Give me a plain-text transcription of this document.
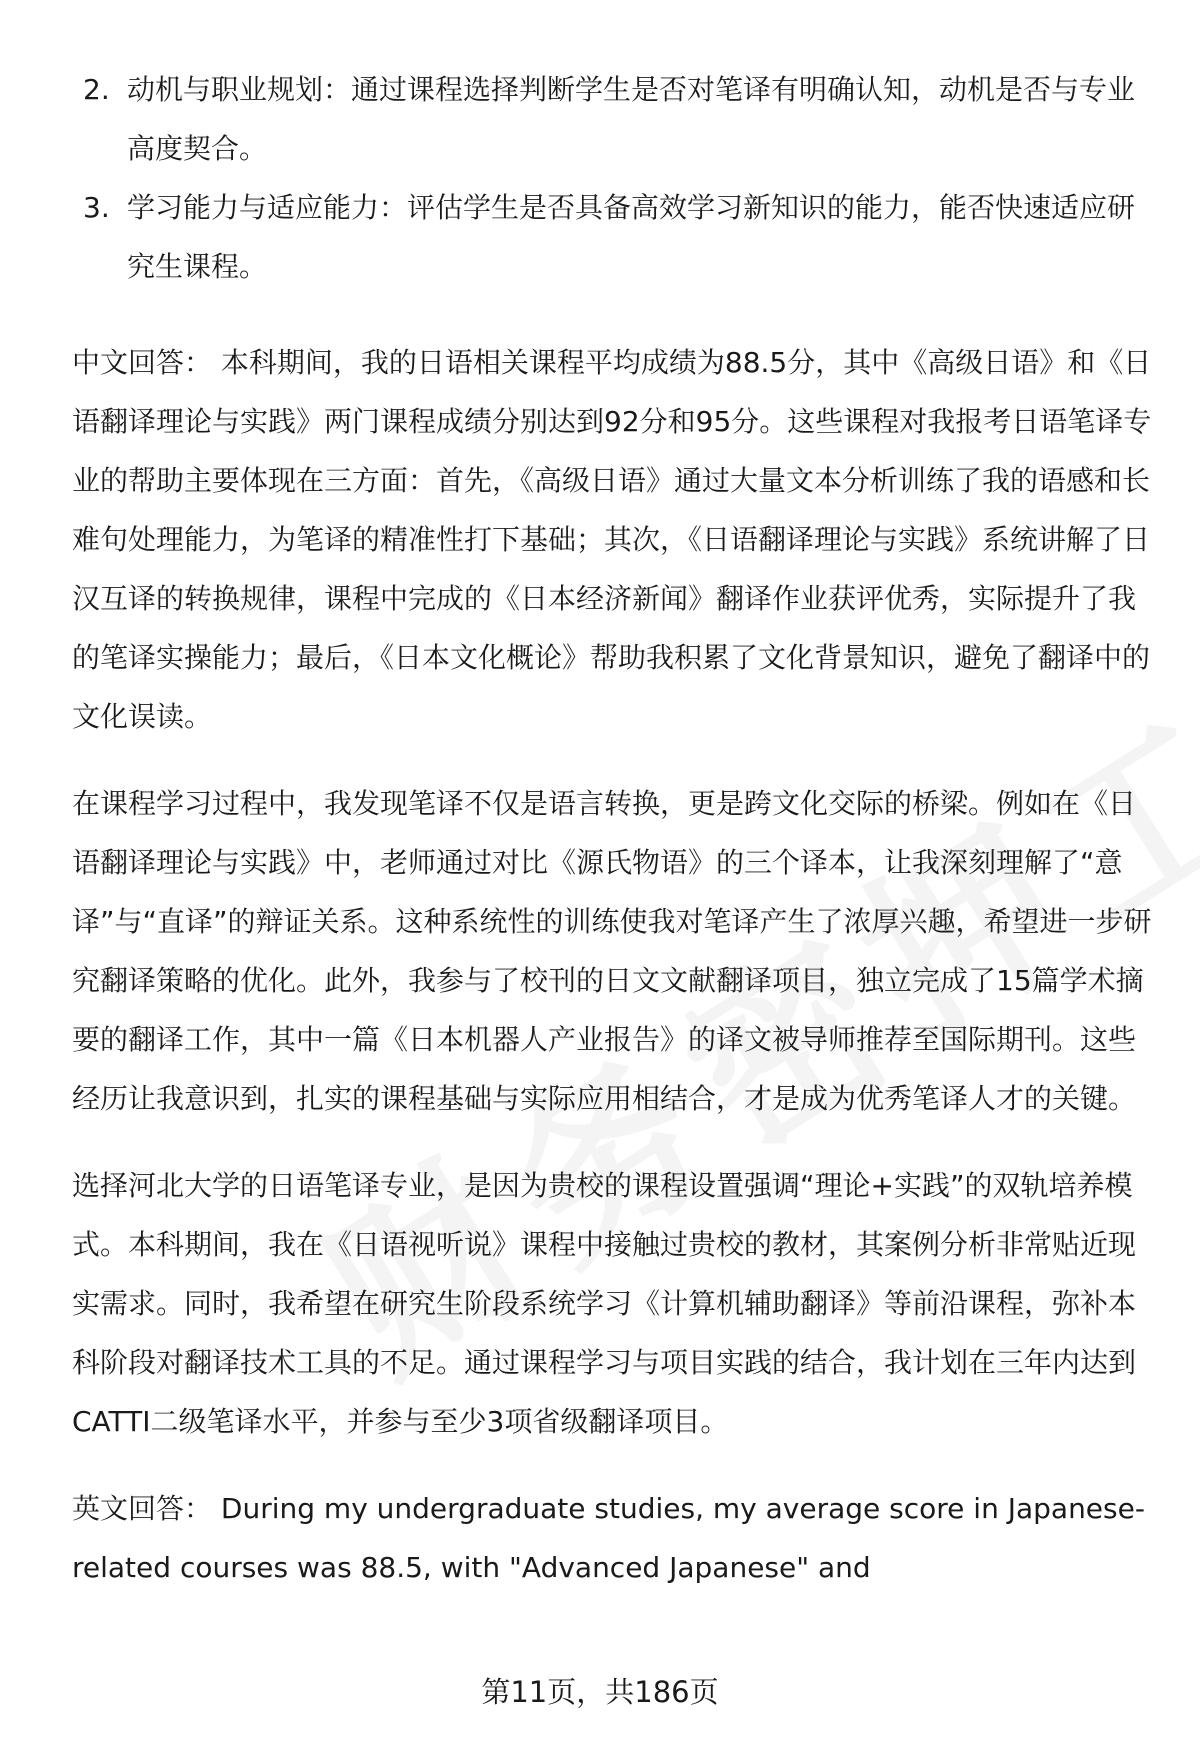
2. 动机与职业规划：通过课程选择判断学生是否对笔译有明确认知，动机是否与专业高度契合。
3. 学习能力与适应能力：评估学生是否具备高效学习新知识的能力，能否快速适应研究生课程。

中文回答： 本科期间，我的日语相关课程平均成绩为88.5分，其中《高级日语》和《日语翻译理论与实践》两门课程成绩分别达到92分和95分。这些课程对我报考日语笔译专业的帮助主要体现在三方面：首先，《高级日语》通过大量文本分析训练了我的语感和长难句处理能力，为笔译的精准性打下基础；其次，《日语翻译理论与实践》系统讲解了日汉互译的转换规律，课程中完成的《日本经济新闻》翻译作业获评优秀，实际提升了我的笔译实操能力；最后，《日本文化概论》帮助我积累了文化背景知识，避免了翻译中的文化误读。

在课程学习过程中，我发现笔译不仅是语言转换，更是跨文化交际的桥梁。例如在《日语翻译理论与实践》中，老师通过对比《源氏物语》的三个译本，让我深刻理解了“意译”与“直译”的辩证关系。这种系统性的训练使我对笔译产生了浓厚兴趣，希望进一步研究翻译策略的优化。此外，我参与了校刊的日文文献翻译项目，独立完成了15篇学术摘要的翻译工作，其中一篇《日本机器人产业报告》的译文被导师推荐至国际期刊。这些经历让我意识到，扎实的课程基础与实际应用相结合，才是成为优秀笔译人才的关键。

选择河北大学的日语笔译专业，是因为贵校的课程设置强调“理论+实践”的双轨培养模式。本科期间，我在《日语视听说》课程中接触过贵校的教材，其案例分析非常贴近现实需求。同时，我希望在研究生阶段系统学习《计算机辅助翻译》等前沿课程，弥补本科阶段对翻译技术工具的不足。通过课程学习与项目实践的结合，我计划在三年内达到CATTI二级笔译水平，并参与至少3项省级翻译项目。

英文回答： During my undergraduate studies, my average score in Japanese-related courses was 88.5, with "Advanced Japanese" and

第11页，共186页
